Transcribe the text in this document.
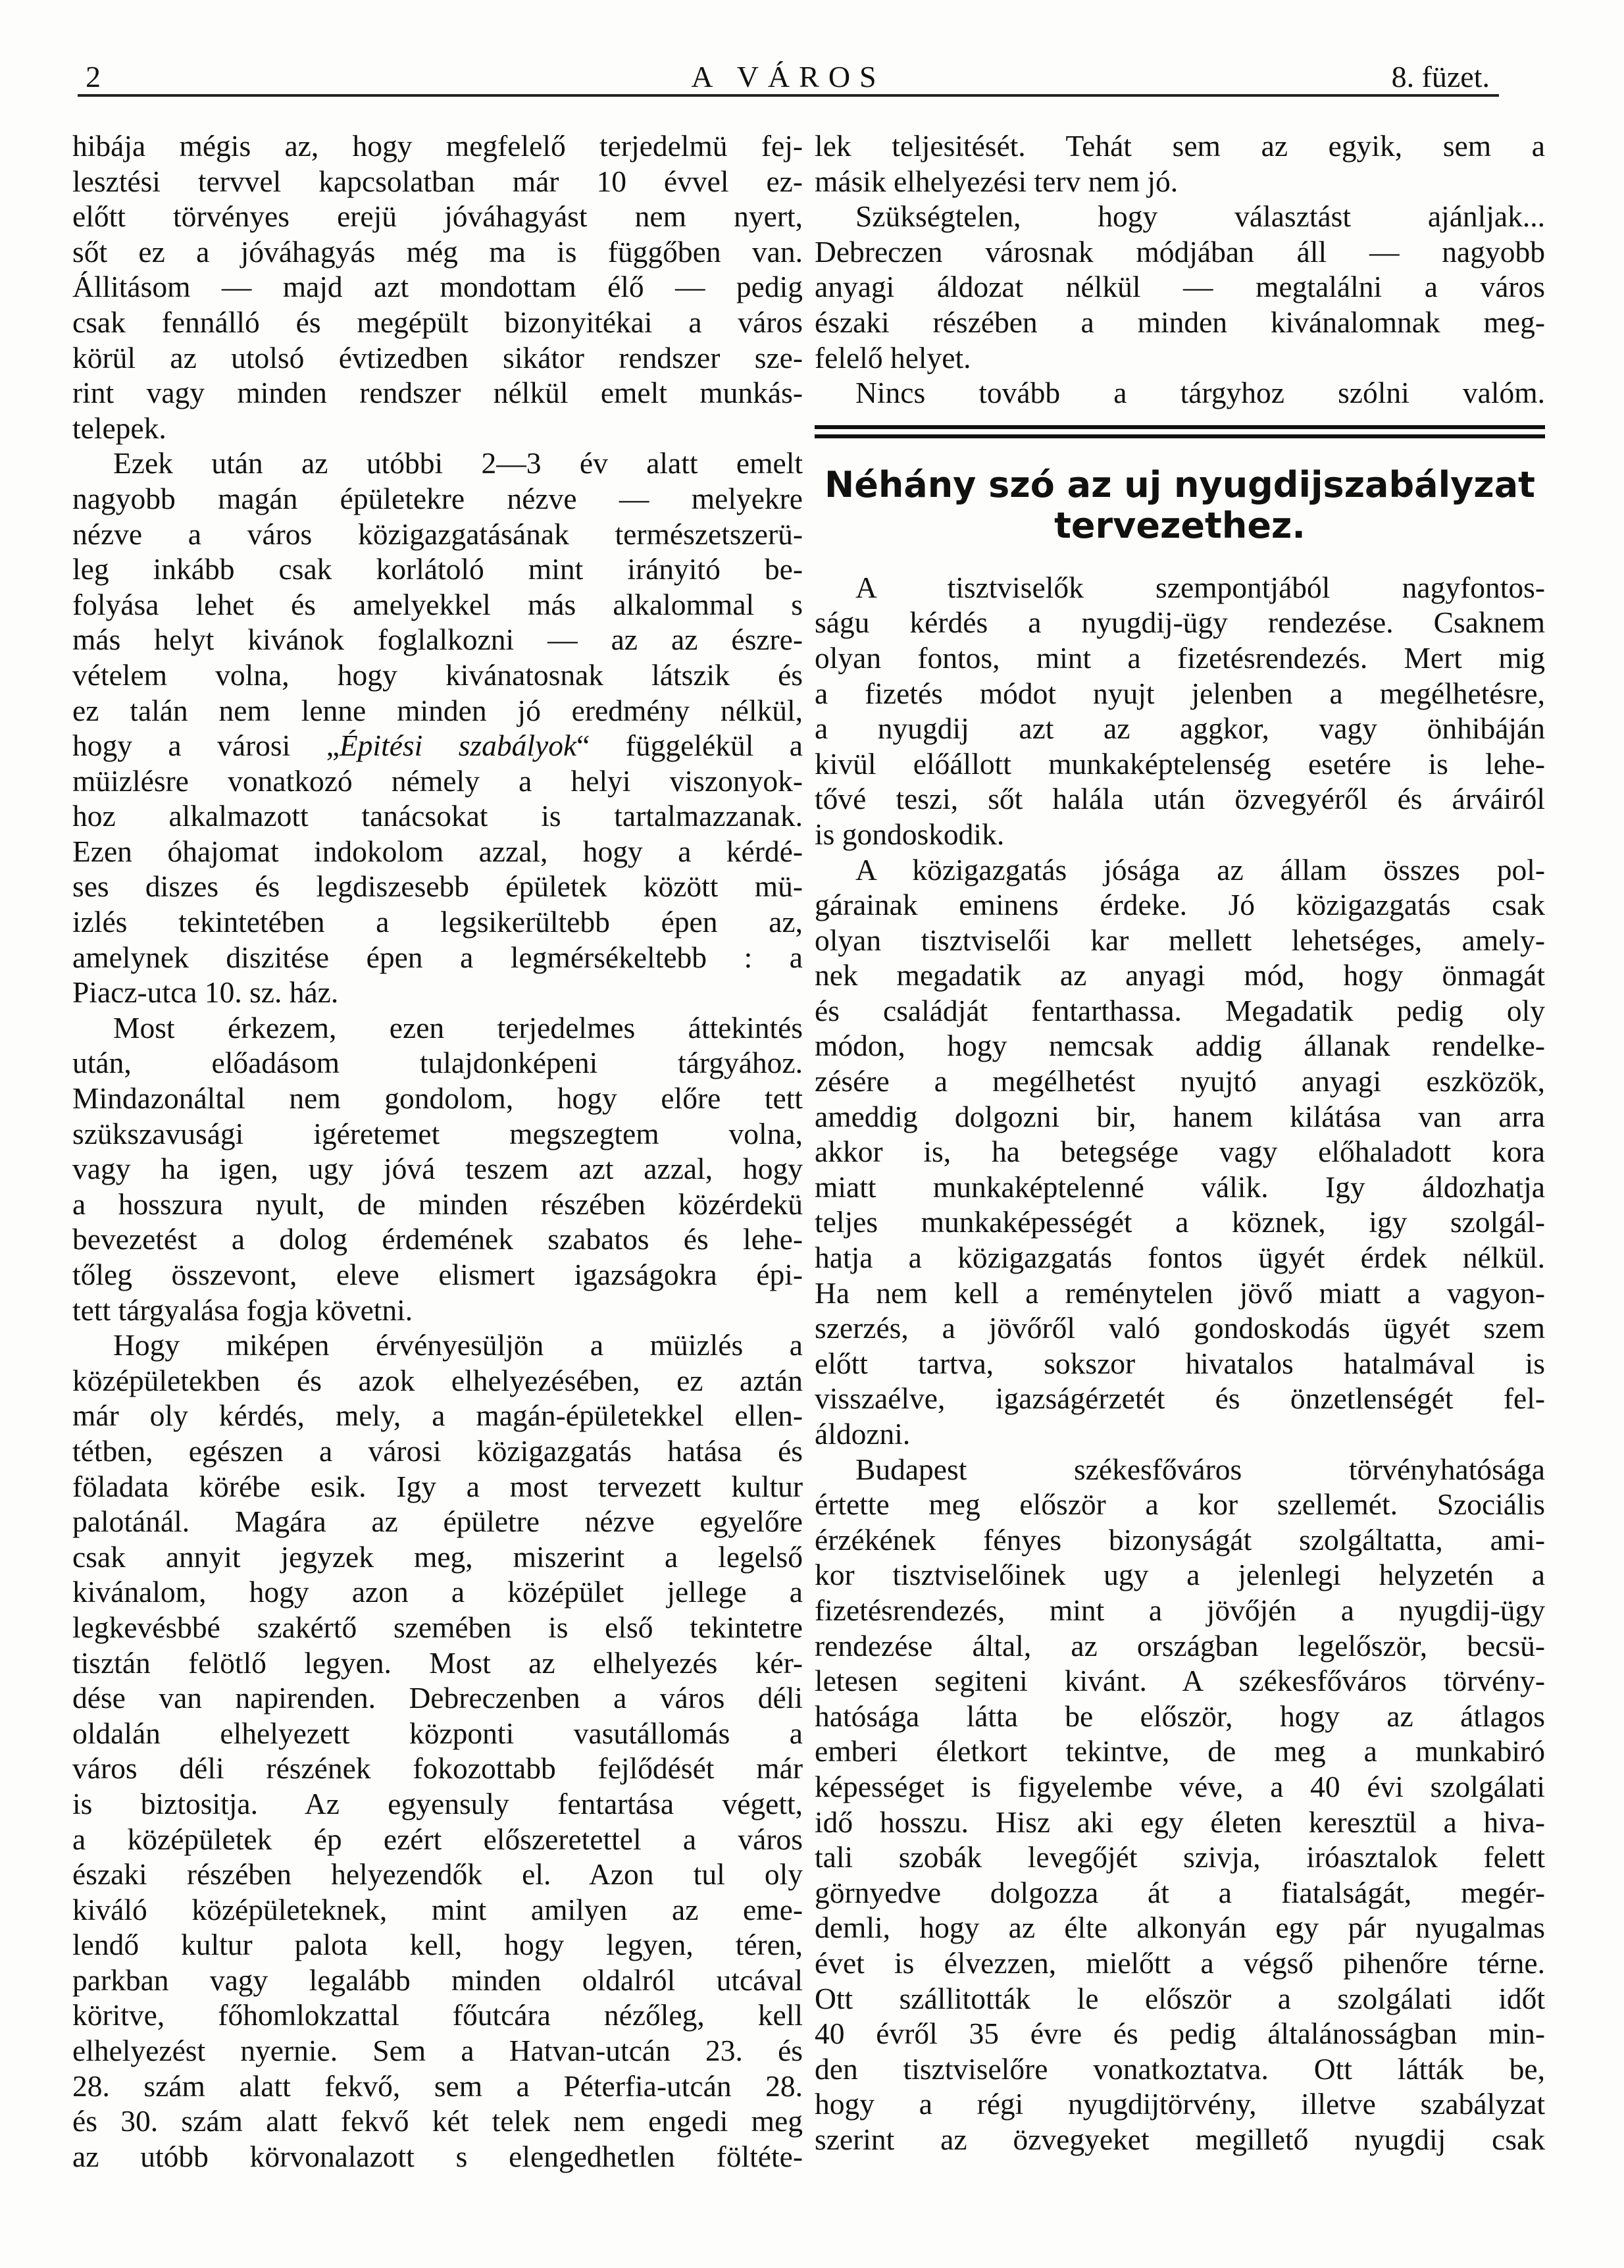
2	A VÁROS	8. füzet.
hibája mégis az, hogy megfelelő terjedelmü fej-
lesztési tervvel kapcsolatban már 10 évvel ez-
előtt törvényes erejü jóváhagyást nem nyert,
sőt ez a jóváhagyás még ma is függőben van.
Állitásom — majd azt mondottam élő — pedig
csak fennálló és megépült bizonyitékai a város
körül az utolsó évtizedben sikátor rendszer sze-
rint vagy minden rendszer nélkül emelt munkás-
telepek.
Ezek után az utóbbi 2—3 év alatt emelt
nagyobb magán épületekre nézve — melyekre
nézve a város közigazgatásának természetszerü-
leg inkább csak korlátoló mint irányitó be-
folyása lehet és amelyekkel más alkalommal s
más helyt kivánok foglalkozni — az az észre-
vételem volna, hogy kivánatosnak látszik és
ez talán nem lenne minden jó eredmény nélkül,
hogy a városi „Épitési szabályok“ függelékül a
müizlésre vonatkozó némely a helyi viszonyok-
hoz alkalmazott tanácsokat is tartalmazzanak.
Ezen óhajomat indokolom azzal, hogy a kérdé-
ses diszes és legdiszesebb épületek között mü-
izlés tekintetében a legsikerültebb épen az,
amelynek diszitése épen a legmérsékeltebb : a
Piacz-utca 10. sz. ház.
Most érkezem, ezen terjedelmes áttekintés
után, előadásom tulajdonképeni tárgyához.
Mindazonáltal nem gondolom, hogy előre tett
szükszavusági igéretemet megszegtem volna,
vagy ha igen, ugy jóvá teszem azt azzal, hogy
a hosszura nyult, de minden részében közérdekü
bevezetést a dolog érdemének szabatos és lehe-
tőleg összevont, eleve elismert igazságokra épi-
tett tárgyalása fogja követni.
Hogy miképen érvényesüljön a müizlés a
középületekben és azok elhelyezésében, ez aztán
már oly kérdés, mely, a magán-épületekkel ellen-
tétben, egészen a városi közigazgatás hatása és
föladata körébe esik. Igy a most tervezett kultur
palotánál. Magára az épületre nézve egyelőre
csak annyit jegyzek meg, miszerint a legelső
kivánalom, hogy azon a középület jellege a
legkevésbbé szakértő szemében is első tekintetre
tisztán felötlő legyen. Most az elhelyezés kér-
dése van napirenden. Debreczenben a város déli
oldalán elhelyezett központi vasutállomás a
város déli részének fokozottabb fejlődését már
is biztositja. Az egyensuly fentartása végett,
a középületek ép ezért előszeretettel a város
északi részében helyezendők el. Azon tul oly
kiváló középületeknek, mint amilyen az eme-
lendő kultur palota kell, hogy legyen, téren,
parkban vagy legalább minden oldalról utcával
köritve, főhomlokzattal főutcára nézőleg, kell
elhelyezést nyernie. Sem a Hatvan-utcán 23. és
28. szám alatt fekvő, sem a Péterfia-utcán 28.
és 30. szám alatt fekvő két telek nem engedi meg
az utóbb körvonalazott s elengedhetlen föltéte-
lek teljesitését. Tehát sem az egyik, sem a
másik elhelyezési terv nem jó.
Szükségtelen, hogy választást ajánljak...
Debreczen városnak módjában áll — nagyobb
anyagi áldozat nélkül — megtalálni a város
északi részében a minden kivánalomnak meg-
felelő helyet.
Nincs tovább a tárgyhoz szólni valóm.
Néhány szó az uj nyugdijszabályzat
tervezethez.
A tisztviselők szempontjából nagyfontos-
ságu kérdés a nyugdij-ügy rendezése. Csaknem
olyan fontos, mint a fizetésrendezés. Mert mig
a fizetés módot nyujt jelenben a megélhetésre,
a nyugdij azt az aggkor, vagy önhibáján
kivül előállott munkaképtelenség esetére is lehe-
tővé teszi, sőt halála után özvegyéről és árváiról
is gondoskodik.
A közigazgatás jósága az állam összes pol-
gárainak eminens érdeke. Jó közigazgatás csak
olyan tisztviselői kar mellett lehetséges, amely-
nek megadatik az anyagi mód, hogy önmagát
és családját fentarthassa. Megadatik pedig oly
módon, hogy nemcsak addig állanak rendelke-
zésére a megélhetést nyujtó anyagi eszközök,
ameddig dolgozni bir, hanem kilátása van arra
akkor is, ha betegsége vagy előhaladott kora
miatt munkaképtelenné válik. Igy áldozhatja
teljes munkaképességét a köznek, igy szolgál-
hatja a közigazgatás fontos ügyét érdek nélkül.
Ha nem kell a reménytelen jövő miatt a vagyon-
szerzés, a jövőről való gondoskodás ügyét szem
előtt tartva, sokszor hivatalos hatalmával is
visszaélve, igazságérzetét és önzetlenségét fel-
áldozni.
Budapest székesfőváros törvényhatósága
értette meg először a kor szellemét. Szociális
érzékének fényes bizonyságát szolgáltatta, ami-
kor tisztviselőinek ugy a jelenlegi helyzetén a
fizetésrendezés, mint a jövőjén a nyugdij-ügy
rendezése által, az országban legelőször, becsü-
letesen segiteni kivánt. A székesfőváros törvény-
hatósága látta be először, hogy az átlagos
emberi életkort tekintve, de meg a munkabiró
képességet is figyelembe véve, a 40 évi szolgálati
idő hosszu. Hisz aki egy életen keresztül a hiva-
tali szobák levegőjét szivja, iróasztalok felett
görnyedve dolgozza át a fiatalságát, megér-
demli, hogy az élte alkonyán egy pár nyugalmas
évet is élvezzen, mielőtt a végső pihenőre térne.
Ott szállitották le először a szolgálati időt
40 évről 35 évre és pedig általánosságban min-
den tisztviselőre vonatkoztatva. Ott látták be,
hogy a régi nyugdijtörvény, illetve szabályzat
szerint az özvegyeket megillető nyugdij csak
